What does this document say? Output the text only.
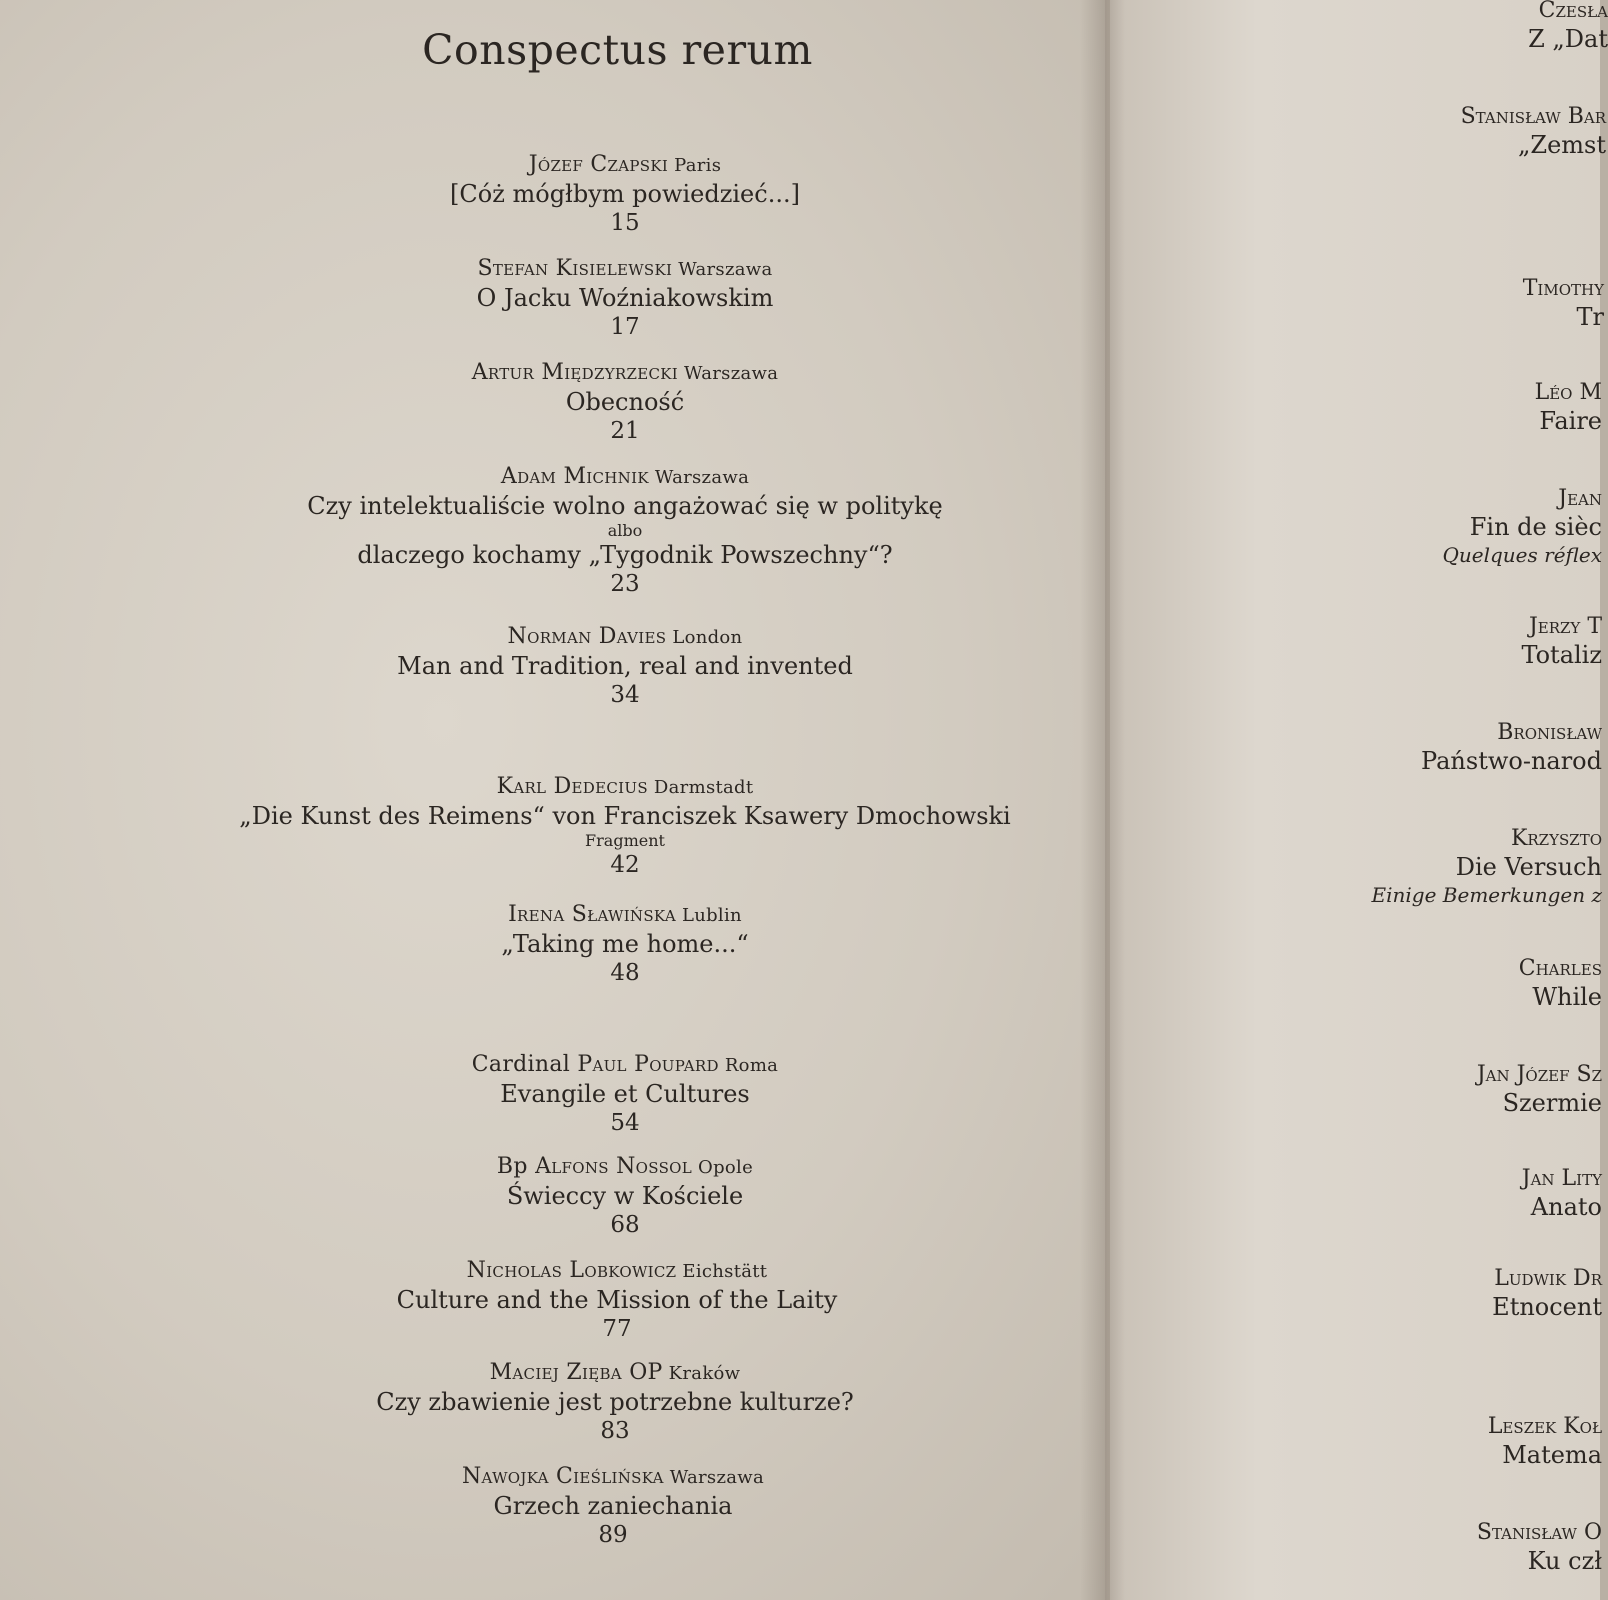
Conspectus rerum
Józef Czapski Paris
[Cóż mógłbym powiedzieć...]
15
Stefan Kisielewski Warszawa
O Jacku Woźniakowskim
17
Artur Międzyrzecki Warszawa
Obecność
21
Adam Michnik Warszawa
Czy intelektualiście wolno angażować się w politykę
albo
dlaczego kochamy „Tygodnik Powszechny“?
23
Norman Davies London
Man and Tradition, real and invented
34
Karl Dedecius Darmstadt
„Die Kunst des Reimens“ von Franciszek Ksawery Dmochowski
Fragment
42
Irena Sławińska Lublin
„Taking me home...“
48
Cardinal Paul Poupard Roma
Evangile et Cultures
54
Bp Alfons Nossol Opole
Świeccy w Kościele
68
Nicholas Lobkowicz Eichstätt
Culture and the Mission of the Laity
77
Maciej Zięba OP Kraków
Czy zbawienie jest potrzebne kulturze?
83
Nawojka Cieślińska Warszawa
Grzech zaniechania
89
Czesła
Z „Dat
Stanisław Bar
„Zemst
Timothy
Tr
Léo M
Faire
Jean
Fin de sièc
Quelques réflex
Jerzy T
Totaliz
Bronisław
Państwo-narod
Krzyszto
Die Versuch
Einige Bemerkungen z
Charles
While
Jan Józef Sz
Szermie
Jan Lity
Anato
Ludwik Dr
Etnocent
Leszek Koł
Matema
Stanisław O
Ku czł
